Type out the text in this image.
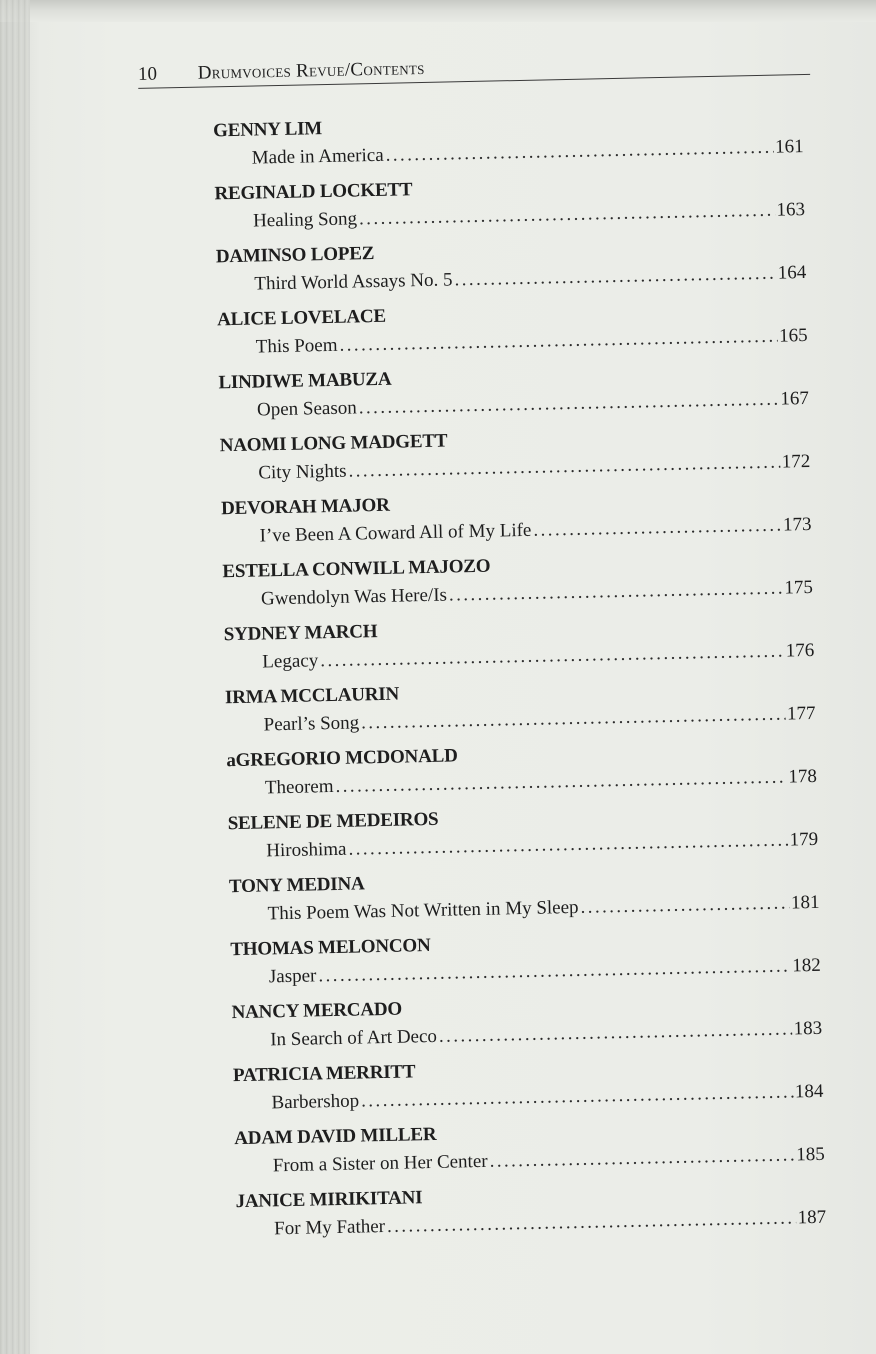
10 Drumvoices Revue/Contents
GENNY LIM
Made in America .....	161
REGINALD LOCKETT
Healing Song .....	163
DAMINSO LOPEZ
Third World Assays No. 5 .....	164
ALICE LOVELACE
This Poem .....	165
LINDIWE MABUZA
Open Season .....	167
NAOMI LONG MADGETT
City Nights .....	172
DEVORAH MAJOR
I’ve Been A Coward All of My Life .....	173
ESTELLA CONWILL MAJOZO
Gwendolyn Was Here/Is .....	175
SYDNEY MARCH
Legacy .....	176
IRMA MCCLAURIN
Pearl’s Song .....	177
aGREGORIO MCDONALD
Theorem .....	178
SELENE DE MEDEIROS
Hiroshima .....	179
TONY MEDINA
This Poem Was Not Written in My Sleep .....	181
THOMAS MELONCON
Jasper .....	182
NANCY MERCADO
In Search of Art Deco .....	183
PATRICIA MERRITT
Barbershop .....	184
ADAM DAVID MILLER
From a Sister on Her Center .....	185
JANICE MIRIKITANI
For My Father .....	187
